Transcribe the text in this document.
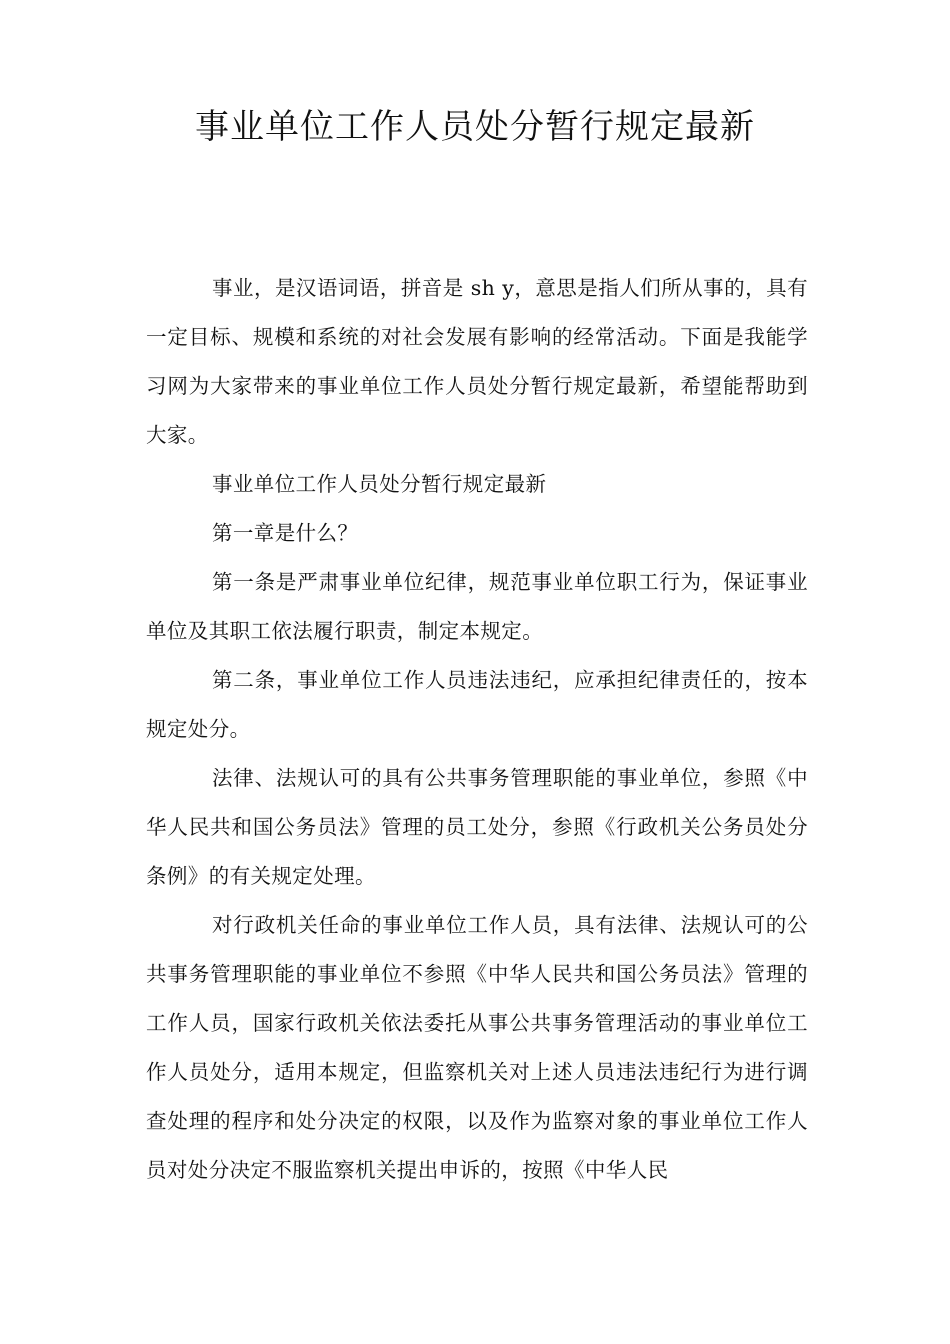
事业单位工作人员处分暂行规定最新

事业，是汉语词语，拼音是 sh y，意思是指人们所从事的，具有一定目标、规模和系统的对社会发展有影响的经常活动。下面是我能学习网为大家带来的事业单位工作人员处分暂行规定最新，希望能帮助到大家。

事业单位工作人员处分暂行规定最新

第一章是什么？

第一条是严肃事业单位纪律，规范事业单位职工行为，保证事业单位及其职工依法履行职责，制定本规定。

第二条，事业单位工作人员违法违纪，应承担纪律责任的，按本规定处分。

法律、法规认可的具有公共事务管理职能的事业单位，参照《中华人民共和国公务员法》管理的员工处分，参照《行政机关公务员处分条例》的有关规定处理。

对行政机关任命的事业单位工作人员，具有法律、法规认可的公共事务管理职能的事业单位不参照《中华人民共和国公务员法》管理的工作人员，国家行政机关依法委托从事公共事务管理活动的事业单位工作人员处分，适用本规定，但监察机关对上述人员违法违纪行为进行调查处理的程序和处分决定的权限，以及作为监察对象的事业单位工作人员对处分决定不服监察机关提出申诉的，按照《中华人民
